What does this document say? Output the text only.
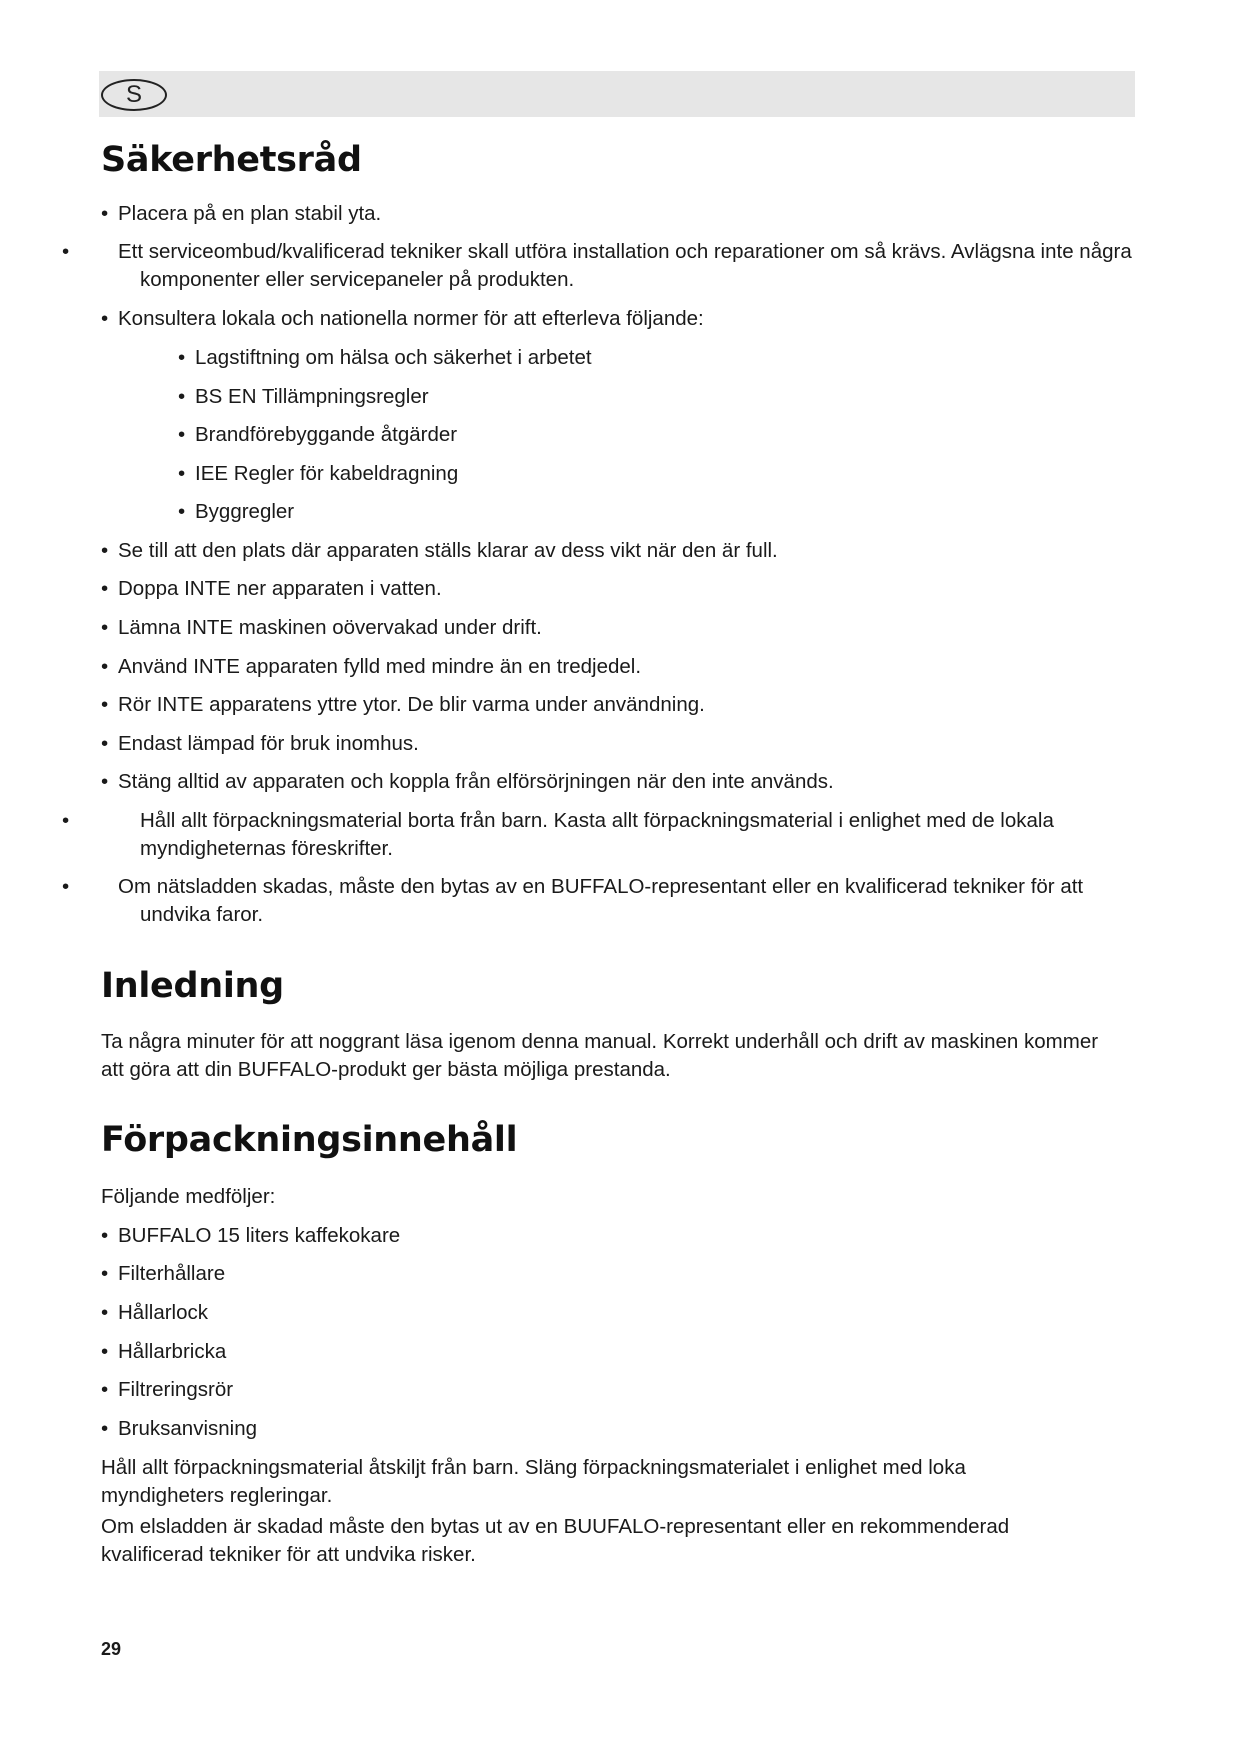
S
Säkerhetsråd

• Placera på en plan stabil yta.

• Ett serviceombud/kvalificerad tekniker skall utföra installation och reparationer om så krävs. Avlägsna inte några komponenter eller servicepaneler på produkten.

• Konsultera lokala och nationella normer för att efterleva följande:

• Lagstiftning om hälsa och säkerhet i arbetet

• BS EN Tillämpningsregler

• Brandförebyggande åtgärder

• IEE Regler för kabeldragning

• Byggregler

• Se till att den plats där apparaten ställs klarar av dess vikt när den är full.

• Doppa INTE ner apparaten i vatten.

• Lämna INTE maskinen oövervakad under drift.

• Använd INTE apparaten fylld med mindre än en tredjedel.

• Rör INTE apparatens yttre ytor. De blir varma under användning.

• Endast lämpad för bruk inomhus.

• Stäng alltid av apparaten och koppla från elförsörjningen när den inte används.

•	Håll allt förpackningsmaterial borta från barn. Kasta allt förpackningsmaterial i enlighet med de lokala myndigheternas föreskrifter.

• Om nätsladden skadas, måste den bytas av en BUFFALO-representant eller en kvalificerad tekniker för att undvika faror.

Inledning

Ta några minuter för att noggrant läsa igenom denna manual. Korrekt underhåll och drift av maskinen kommer att göra att din BUFFALO-produkt ger bästa möjliga prestanda.

Förpackningsinnehåll

Följande medföljer:

• BUFFALO 15 liters kaffekokare

• Filterhållare

• Hållarlock

• Hållarbricka

• Filtreringsrör

• Bruksanvisning

Håll allt förpackningsmaterial åtskiljt från barn. Släng förpackningsmaterialet i enlighet med loka myndigheters regleringar.

Om elsladden är skadad måste den bytas ut av en BUUFALO-representant eller en rekommenderad kvalificerad tekniker för att undvika risker.

29
